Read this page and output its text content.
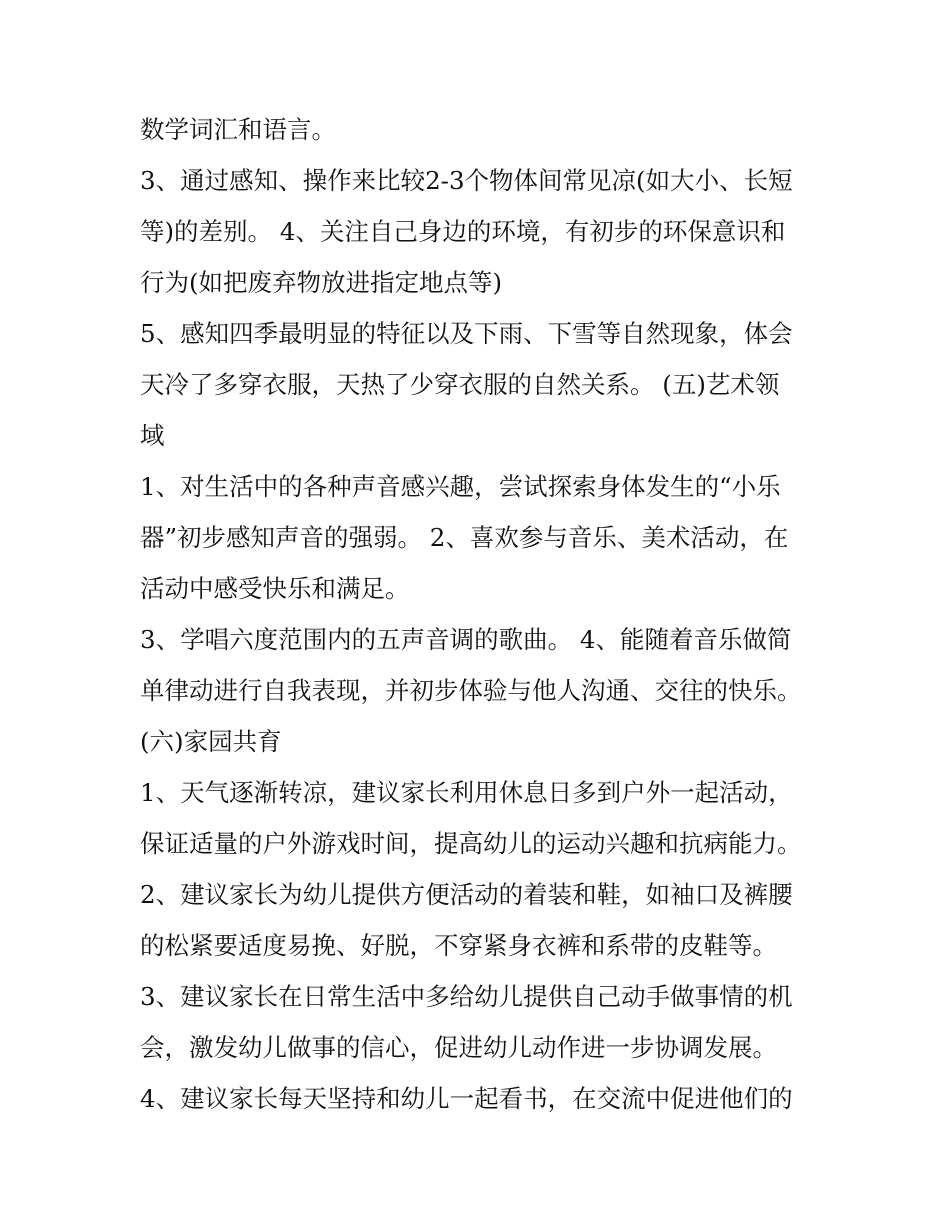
数学词汇和语言。
3、通过感知、操作来比较2-3个物体间常见凉(如大小、长短
等)的差别。 4、关注自己身边的环境，有初步的环保意识和
行为(如把废弃物放进指定地点等)
5、感知四季最明显的特征以及下雨、下雪等自然现象，体会
天冷了多穿衣服，天热了少穿衣服的自然关系。 (五)艺术领
域
1、对生活中的各种声音感兴趣，尝试探索身体发生的“小乐
器”初步感知声音的强弱。 2、喜欢参与音乐、美术活动，在
活动中感受快乐和满足。
3、学唱六度范围内的五声音调的歌曲。 4、能随着音乐做简
单律动进行自我表现，并初步体验与他人沟通、交往的快乐。
(六)家园共育
1、天气逐渐转凉，建议家长利用休息日多到户外一起活动，
保证适量的户外游戏时间，提高幼儿的运动兴趣和抗病能力。
2、建议家长为幼儿提供方便活动的着装和鞋，如袖口及裤腰
的松紧要适度易挽、好脱，不穿紧身衣裤和系带的皮鞋等。
3、建议家长在日常生活中多给幼儿提供自己动手做事情的机
会，激发幼儿做事的信心，促进幼儿动作进一步协调发展。
4、建议家长每天坚持和幼儿一起看书，在交流中促进他们的
